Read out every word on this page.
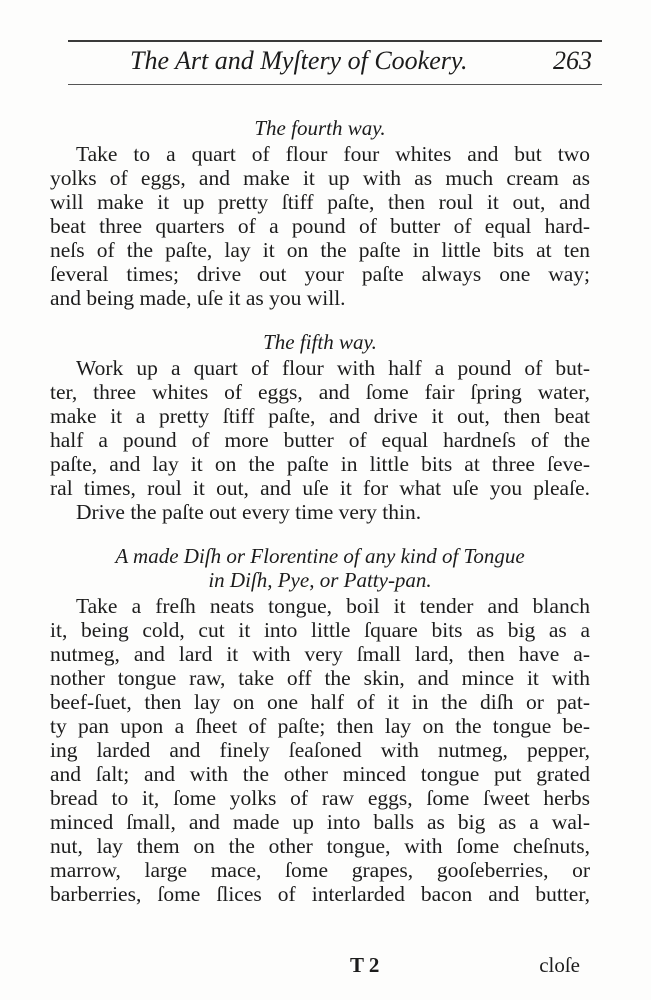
The Art and Myſtery of Cookery.	263
The fourth way.
Take to a quart of flour four whites and but two
yolks of eggs, and make it up with as much cream as
will make it up pretty ſtiff paſte, then roul it out, and
beat three quarters of a pound of butter of equal hard-
neſs of the paſte, lay it on the paſte in little bits at ten
ſeveral times; drive out your paſte always one way;
and being made, uſe it as you will.
The fifth way.
Work up a quart of flour with half a pound of but-
ter, three whites of eggs, and ſome fair ſpring water,
make it a pretty ſtiff paſte, and drive it out, then beat
half a pound of more butter of equal hardneſs of the
paſte, and lay it on the paſte in little bits at three ſeve-
ral times, roul it out, and uſe it for what uſe you pleaſe.
Drive the paſte out every time very thin.
A made Diſh or Florentine of any kind of Tongue
in Diſh, Pye, or Patty-pan.
Take a freſh neats tongue, boil it tender and blanch
it, being cold, cut it into little ſquare bits as big as a
nutmeg, and lard it with very ſmall lard, then have a-
nother tongue raw, take off the skin, and mince it with
beef-ſuet, then lay on one half of it in the diſh or pat-
ty pan upon a ſheet of paſte; then lay on the tongue be-
ing larded and finely ſeaſoned with nutmeg, pepper,
and ſalt; and with the other minced tongue put grated
bread to it, ſome yolks of raw eggs, ſome ſweet herbs
minced ſmall, and made up into balls as big as a wal-
nut, lay them on the other tongue, with ſome cheſnuts,
marrow, large mace, ſome grapes, gooſeberries, or
barberries, ſome ſlices of interlarded bacon and butter,
T 2	cloſe
